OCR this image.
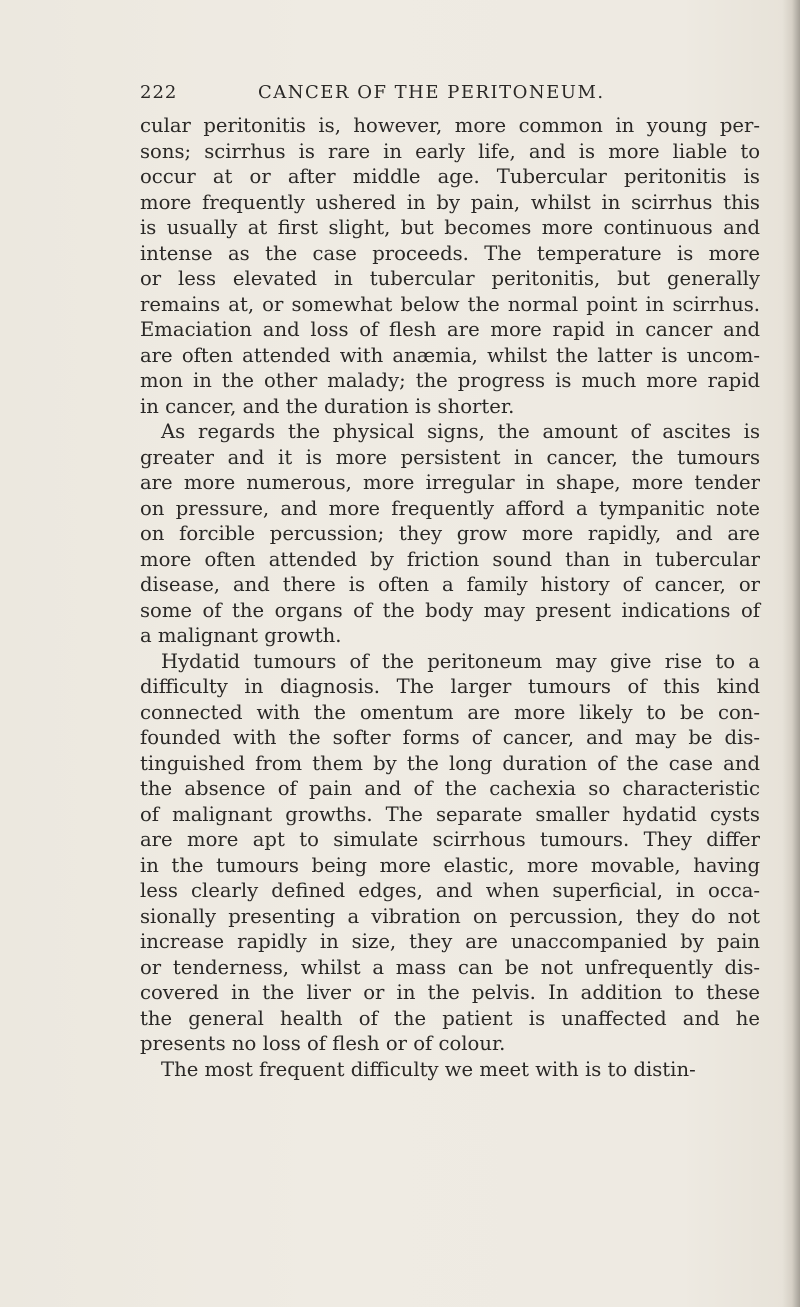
222	CANCER OF THE PERITONEUM.
cular peritonitis is, however, more common in young per-
sons; scirrhus is rare in early life, and is more liable to
occur at or after middle age. Tubercular peritonitis is
more frequently ushered in by pain, whilst in scirrhus this
is usually at first slight, but becomes more continuous and
intense as the case proceeds. The temperature is more
or less elevated in tubercular peritonitis, but generally
remains at, or somewhat below the normal point in scirrhus.
Emaciation and loss of flesh are more rapid in cancer and
are often attended with anæmia, whilst the latter is uncom-
mon in the other malady; the progress is much more rapid
in cancer, and the duration is shorter.
As regards the physical signs, the amount of ascites is
greater and it is more persistent in cancer, the tumours
are more numerous, more irregular in shape, more tender
on pressure, and more frequently afford a tympanitic note
on forcible percussion; they grow more rapidly, and are
more often attended by friction sound than in tubercular
disease, and there is often a family history of cancer, or
some of the organs of the body may present indications of
a malignant growth.
Hydatid tumours of the peritoneum may give rise to a
difficulty in diagnosis. The larger tumours of this kind
connected with the omentum are more likely to be con-
founded with the softer forms of cancer, and may be dis-
tinguished from them by the long duration of the case and
the absence of pain and of the cachexia so characteristic
of malignant growths. The separate smaller hydatid cysts
are more apt to simulate scirrhous tumours. They differ
in the tumours being more elastic, more movable, having
less clearly defined edges, and when superficial, in occa-
sionally presenting a vibration on percussion, they do not
increase rapidly in size, they are unaccompanied by pain
or tenderness, whilst a mass can be not unfrequently dis-
covered in the liver or in the pelvis. In addition to these
the general health of the patient is unaffected and he
presents no loss of flesh or of colour.
The most frequent difficulty we meet with is to distin-
